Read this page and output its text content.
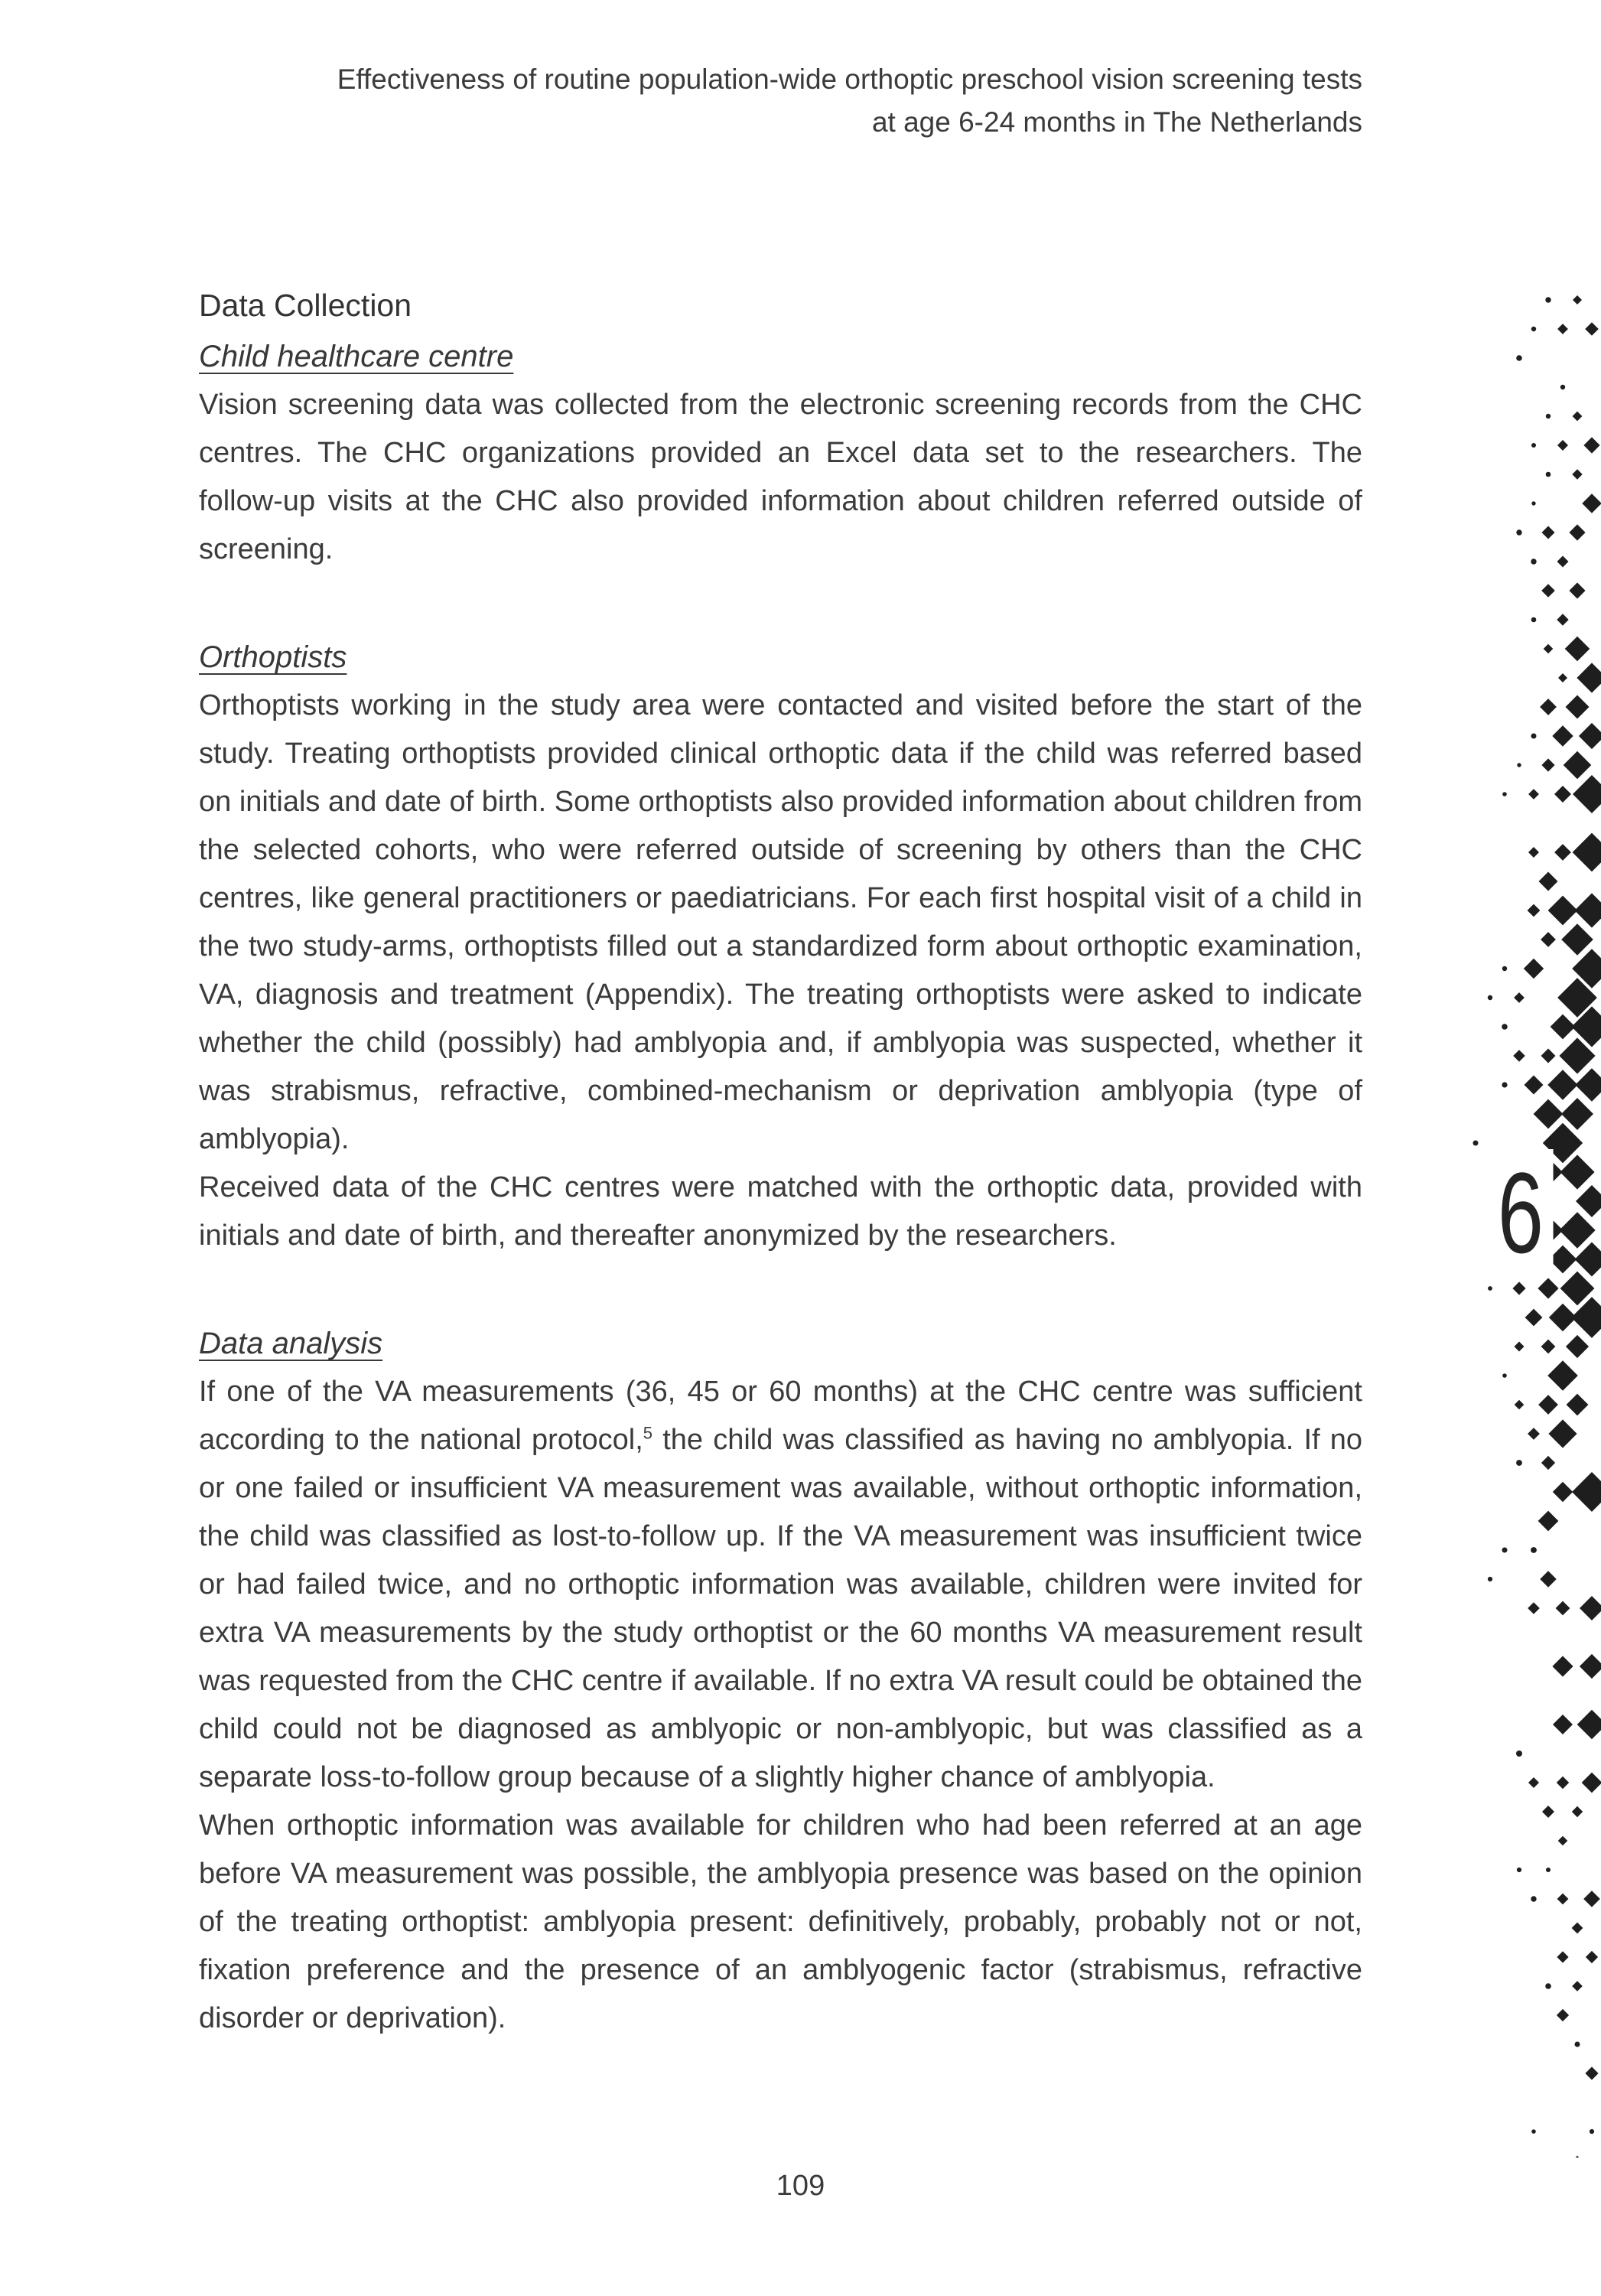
Effectiveness of routine population-wide orthoptic preschool vision screening tests
at age 6-24 months in The Netherlands
6
Data Collection
Child healthcare centre

Vision screening data was collected from the electronic screening records from the CHC centres. The CHC organizations provided an Excel data set to the researchers. The follow-up visits at the CHC also provided information about children referred outside of screening.

Orthoptists

Orthoptists working in the study area were contacted and visited before the start of the study. Treating orthoptists provided clinical orthoptic data if the child was referred based on initials and date of birth. Some orthoptists also provided information about children from the selected cohorts, who were referred outside of screening by others than the CHC centres, like general practitioners or paediatricians. For each first hospital visit of a child in the two study-arms, orthoptists filled out a standardized form about orthoptic examination, VA, diagnosis and treatment (Appendix). The treating orthoptists were asked to indicate whether the child (possibly) had amblyopia and, if amblyopia was suspected, whether it was strabismus, refractive, combined-mechanism or deprivation amblyopia (type of amblyopia).

Received data of the CHC centres were matched with the orthoptic data, provided with initials and date of birth, and thereafter anonymized by the researchers.

Data analysis

If one of the VA measurements (36, 45 or 60 months) at the CHC centre was sufficient according to the national protocol,$^5$ the child was classified as having no amblyopia. If no or one failed or insufficient VA measurement was available, without orthoptic information, the child was classified as lost-to-follow up. If the VA measurement was insufficient twice or had failed twice, and no orthoptic information was available, children were invited for extra VA measurements by the study orthoptist or the 60 months VA measurement result was requested from the CHC centre if available. If no extra VA result could be obtained the child could not be diagnosed as amblyopic or non-amblyopic, but was classified as a separate loss-to-follow group because of a slightly higher chance of amblyopia.

When orthoptic information was available for children who had been referred at an age before VA measurement was possible, the amblyopia presence was based on the opinion of the treating orthoptist: amblyopia present: definitively, probably, probably not or not, fixation preference and the presence of an amblyogenic factor (strabismus, refractive disorder or deprivation).

109
